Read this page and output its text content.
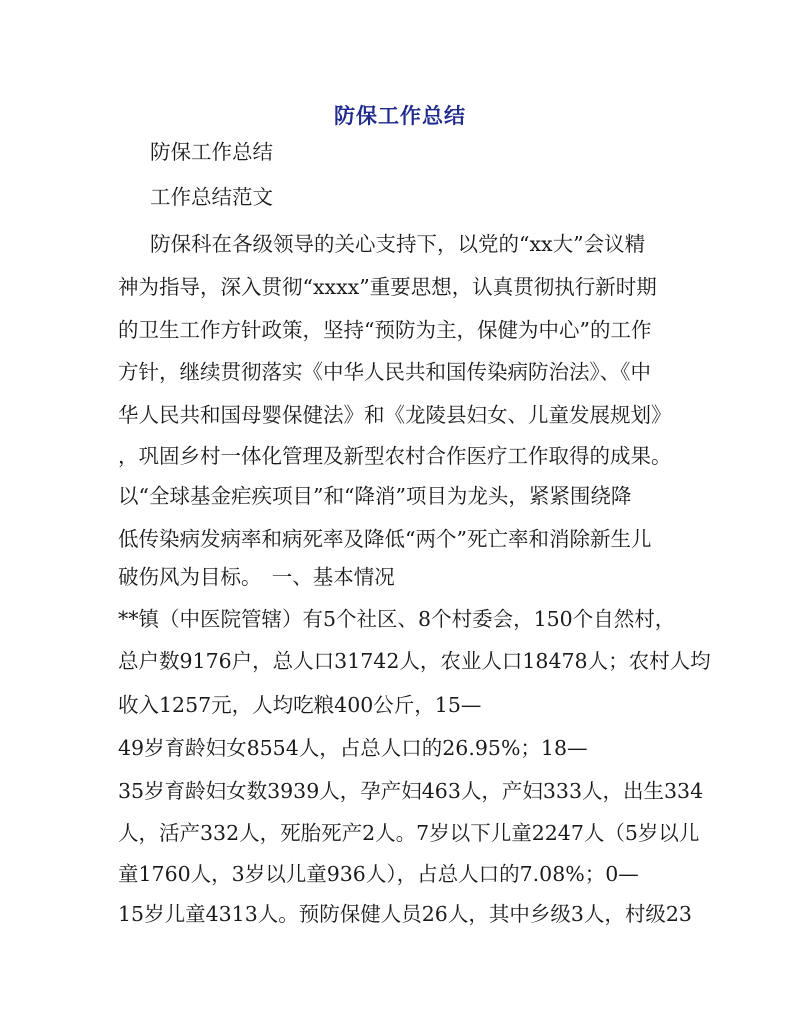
防保工作总结
防保工作总结
工作总结范文
防保科在各级领导的关心支持下，以党的“xx大”会议精
神为指导，深入贯彻“xxxx”重要思想，认真贯彻执行新时期
的卫生工作方针政策，坚持“预防为主，保健为中心”的工作
方针，继续贯彻落实《中华人民共和国传染病防治法》、《中
华人民共和国母婴保健法》和《龙陵县妇女、儿童发展规划》
，巩固乡村一体化管理及新型农村合作医疗工作取得的成果。
以“全球基金疟疾项目”和“降消”项目为龙头，紧紧围绕降
低传染病发病率和病死率及降低“两个”死亡率和消除新生儿
破伤风为目标。　一、基本情况
**镇（中医院管辖）有5个社区、8个村委会，150个自然村，
总户数9176户，总人口31742人，农业人口18478人；农村人均
收入1257元，人均吃粮400公斤，15—
49岁育龄妇女8554人，占总人口的26.95%；18—
35岁育龄妇女数3939人，孕产妇463人，产妇333人，出生334
人，活产332人，死胎死产2人。7岁以下儿童2247人（5岁以儿
童1760人，3岁以儿童936人），占总人口的7.08%；0—
15岁儿童4313人。预防保健人员26人，其中乡级3人，村级23
